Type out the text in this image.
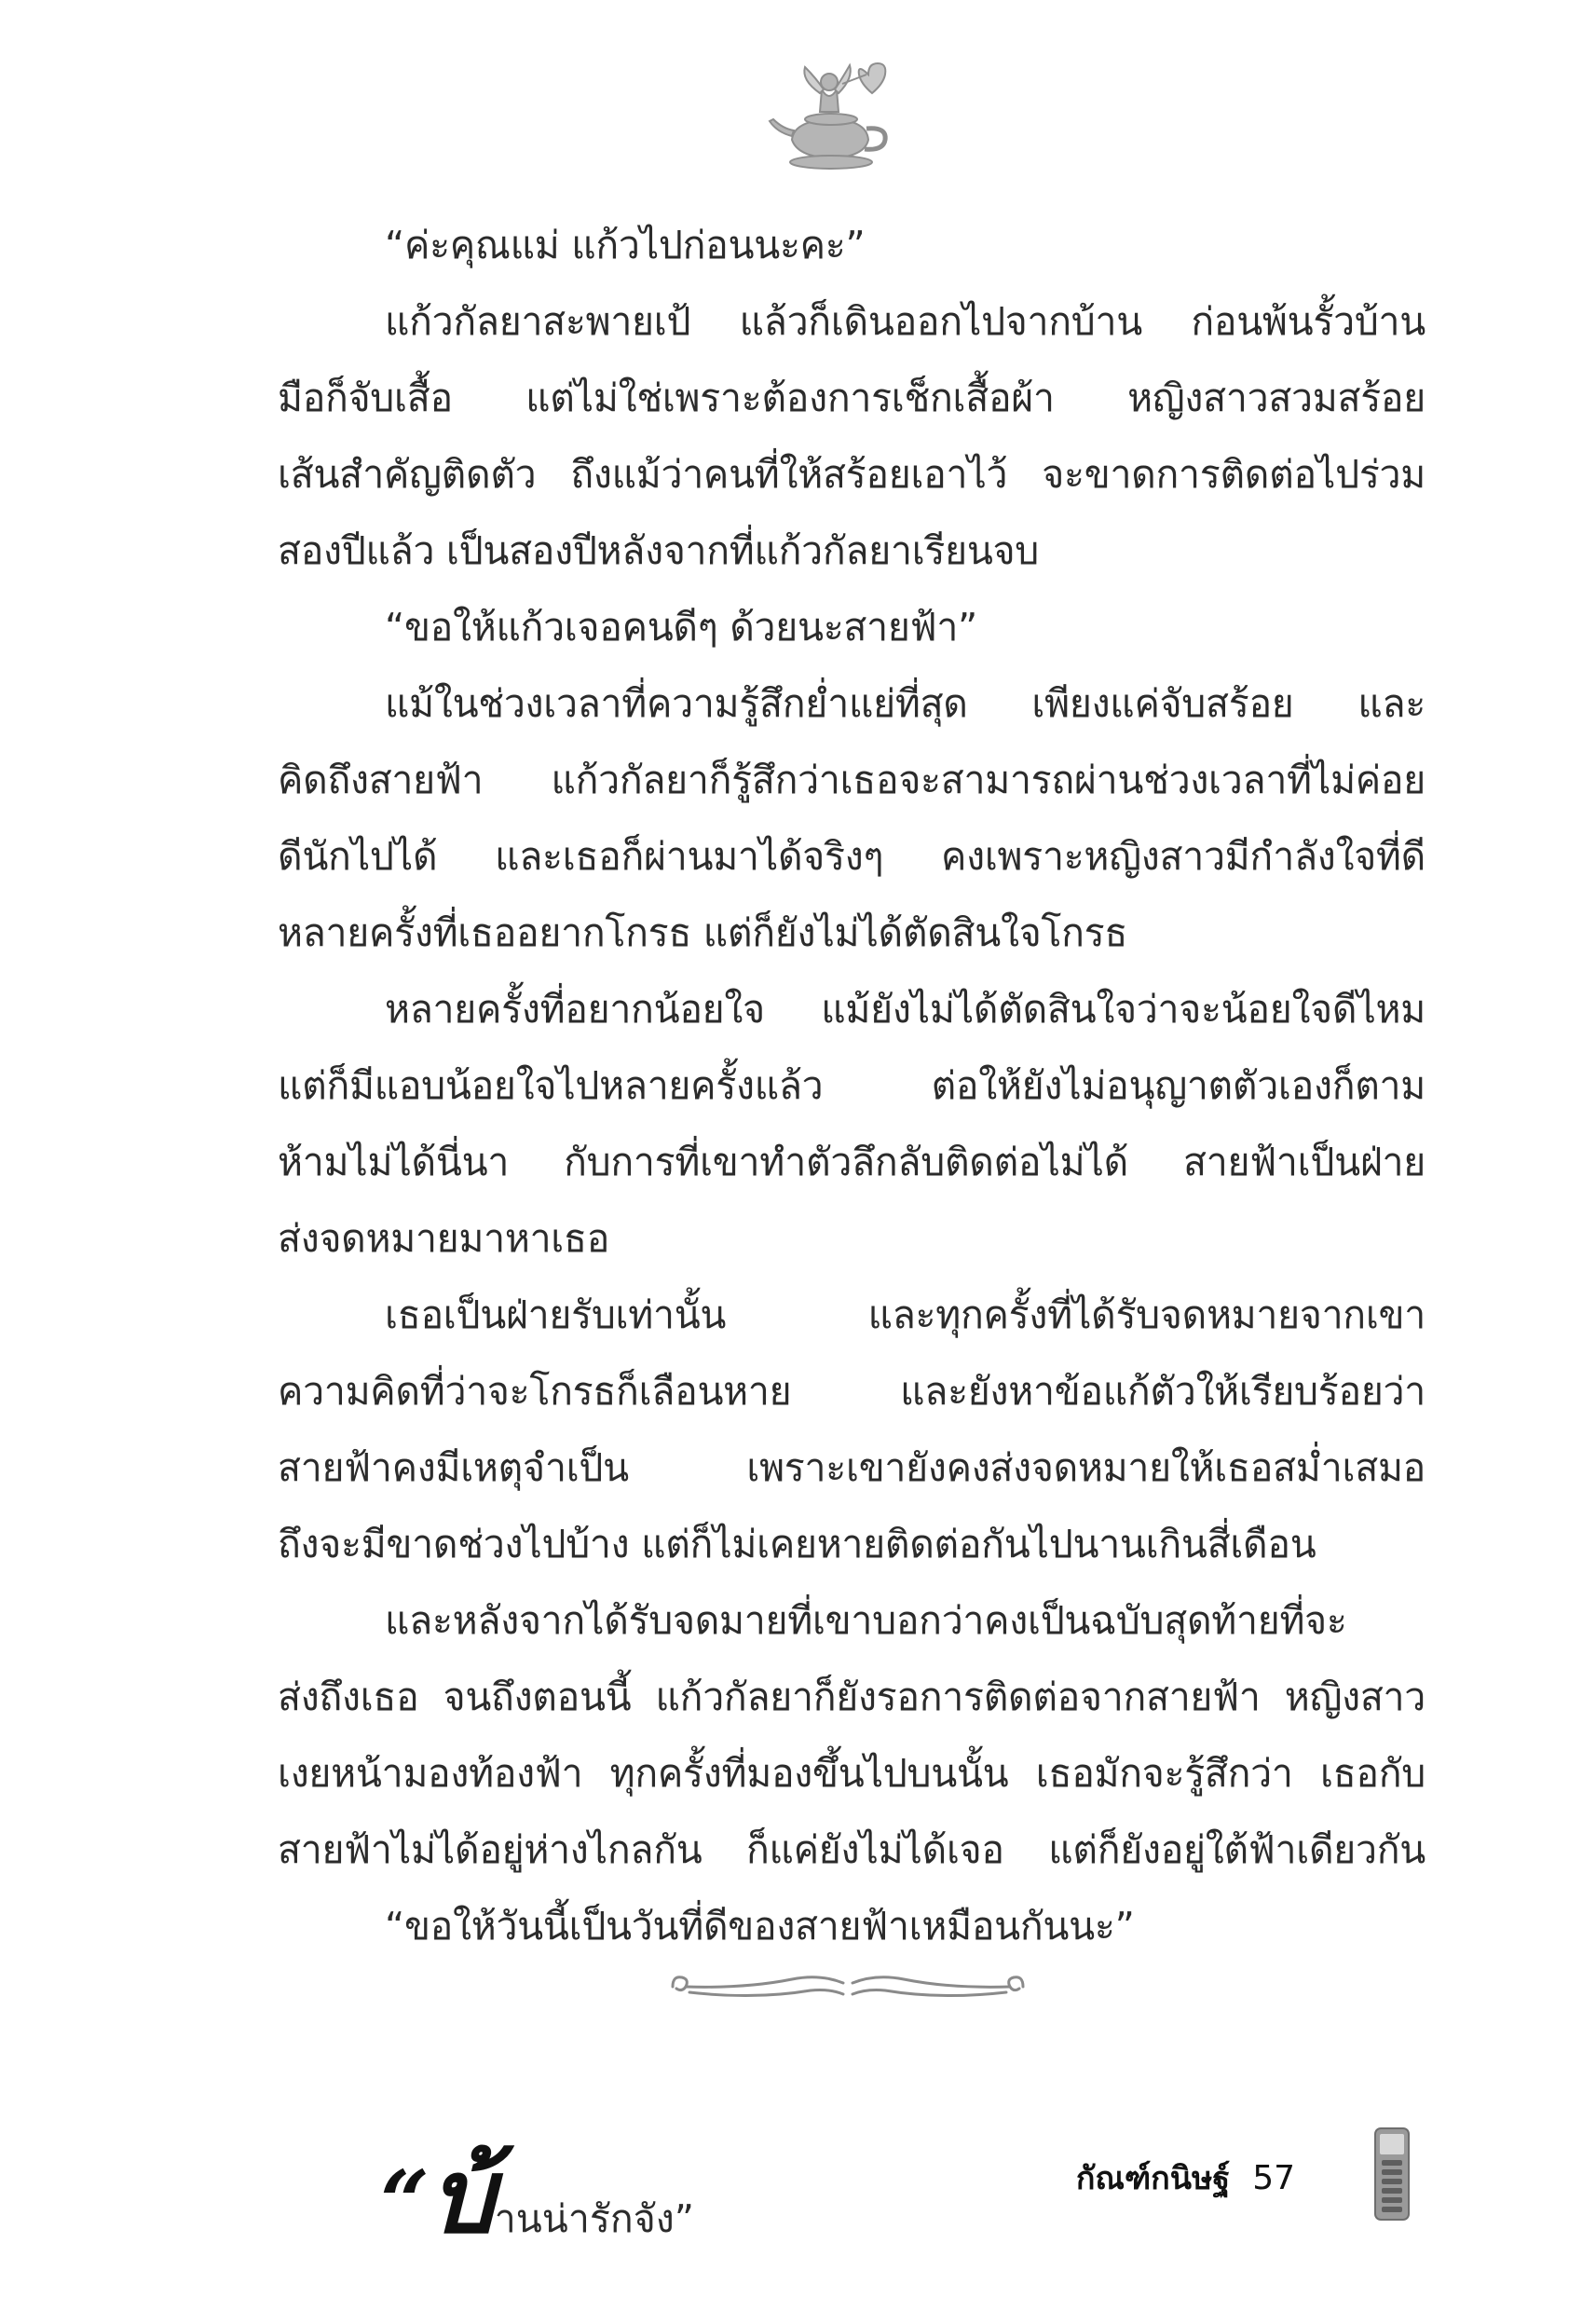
“ค่ะคุณแม่ แก้วไปก่อนนะคะ”
แก้วกัลยาสะพายเป้ แล้วก็เดินออกไปจากบ้าน ก่อนพ้นรั้วบ้าน
มือก็จับเสื้อ แต่ไม่ใช่เพราะต้องการเช็กเสื้อผ้า หญิงสาวสวมสร้อย
เส้นสำคัญติดตัว ถึงแม้ว่าคนที่ให้สร้อยเอาไว้ จะขาดการติดต่อไปร่วม
สองปีแล้ว เป็นสองปีหลังจากที่แก้วกัลยาเรียนจบ
“ขอให้แก้วเจอคนดีๆ ด้วยนะสายฟ้า”
แม้ในช่วงเวลาที่ความรู้สึกย่ำแย่ที่สุด เพียงแค่จับสร้อย และ
คิดถึงสายฟ้า แก้วกัลยาก็รู้สึกว่าเธอจะสามารถผ่านช่วงเวลาที่ไม่ค่อย
ดีนักไปได้ และเธอก็ผ่านมาได้จริงๆ คงเพราะหญิงสาวมีกำลังใจที่ดี
หลายครั้งที่เธออยากโกรธ แต่ก็ยังไม่ได้ตัดสินใจโกรธ
หลายครั้งที่อยากน้อยใจ แม้ยังไม่ได้ตัดสินใจว่าจะน้อยใจดีไหม
แต่ก็มีแอบน้อยใจไปหลายครั้งแล้ว ต่อให้ยังไม่อนุญาตตัวเองก็ตาม
ห้ามไม่ได้นี่นา กับการที่เขาทำตัวลึกลับติดต่อไม่ได้ สายฟ้าเป็นฝ่าย
ส่งจดหมายมาหาเธอ
เธอเป็นฝ่ายรับเท่านั้น และทุกครั้งที่ได้รับจดหมายจากเขา
ความคิดที่ว่าจะโกรธก็เลือนหาย และยังหาข้อแก้ตัวให้เรียบร้อยว่า
สายฟ้าคงมีเหตุจำเป็น เพราะเขายังคงส่งจดหมายให้เธอสม่ำเสมอ
ถึงจะมีขาดช่วงไปบ้าง แต่ก็ไม่เคยหายติดต่อกันไปนานเกินสี่เดือน
และหลังจากได้รับจดมายที่เขาบอกว่าคงเป็นฉบับสุดท้ายที่จะ
ส่งถึงเธอ จนถึงตอนนี้ แก้วกัลยาก็ยังรอการติดต่อจากสายฟ้า หญิงสาว
เงยหน้ามองท้องฟ้า ทุกครั้งที่มองขึ้นไปบนนั้น เธอมักจะรู้สึกว่า เธอกับ
สายฟ้าไม่ได้อยู่ห่างไกลกัน ก็แค่ยังไม่ได้เจอ แต่ก็ยังอยู่ใต้ฟ้าเดียวกัน
“ขอให้วันนี้เป็นวันที่ดีของสายฟ้าเหมือนกันนะ”
“บ้านน่ารักจัง”
กัณฑ์กนิษฐ์ 57
